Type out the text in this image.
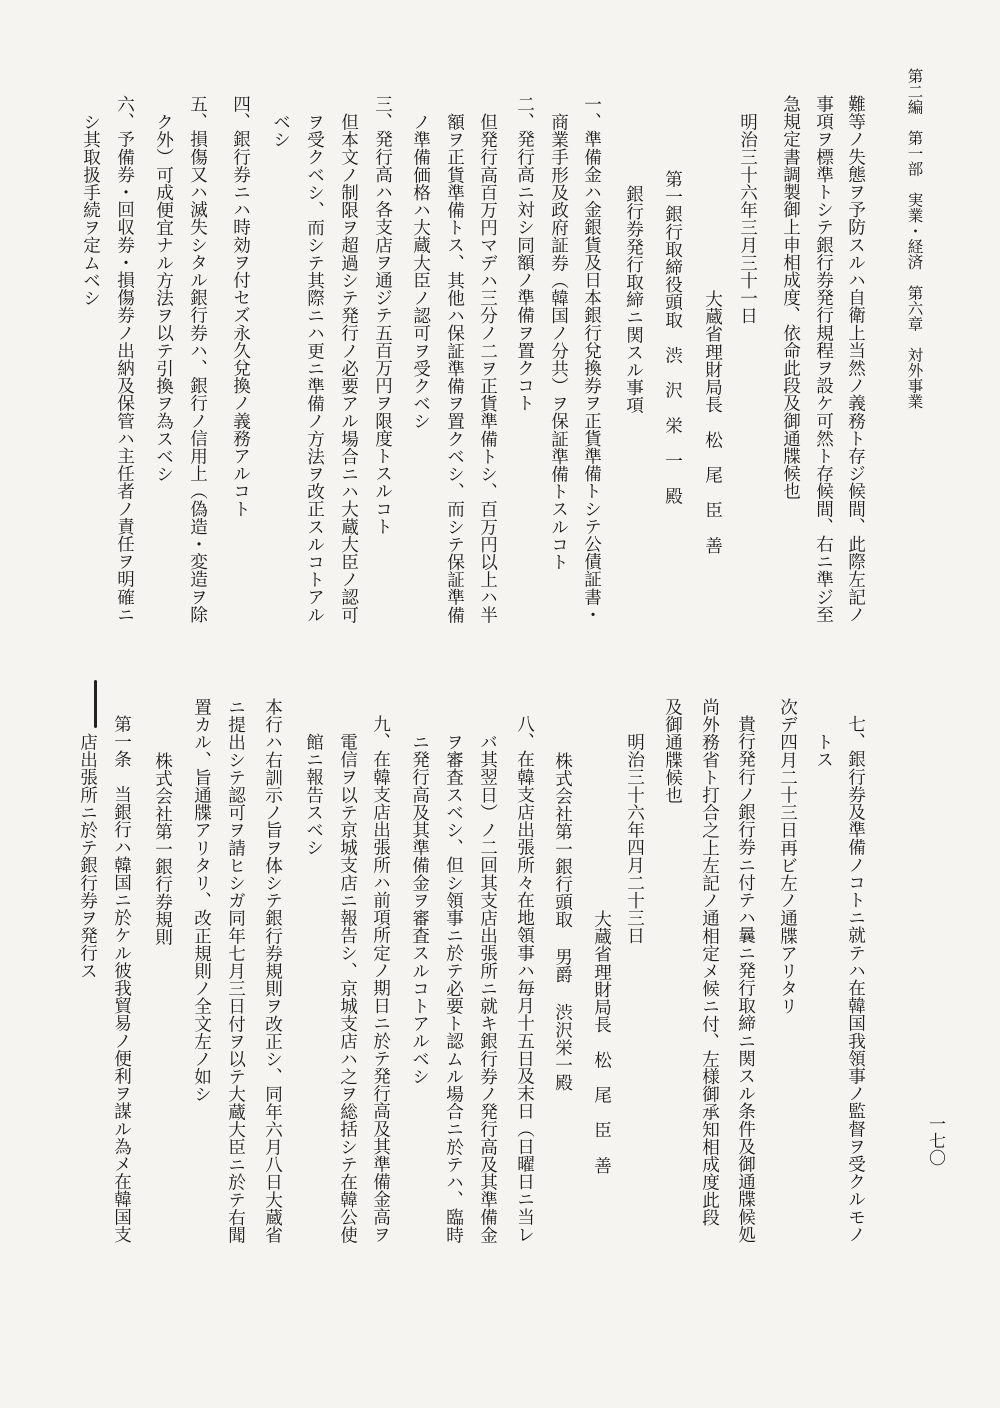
第二編　第一部　実業・経済　第六章　対外事業
一七〇
難等ノ失態ヲ予防スルハ自衛上当然ノ義務ト存ジ候間、此際左記ノ
事項ヲ標準トシテ銀行券発行規程ヲ設ケ可然ト存候間、右ニ準ジ至
急規定書調製御上申相成度、依命此段及御通牒候也
明治三十六年三月三十一日
大蔵省理財局長　松　尾　臣　善
第一銀行取締役頭取　渋　沢　栄　一　殿
銀行券発行取締ニ関スル事項
一、準備金ハ金銀貨及日本銀行兌換券ヲ正貨準備トシテ公債証書・
商業手形及政府証券（韓国ノ分共）ヲ保証準備トスルコト
二、発行高ニ対シ同額ノ準備ヲ置クコト
但発行高百万円マデハ三分ノ二ヲ正貨準備トシ、百万円以上ハ半
額ヲ正貨準備トス、其他ハ保証準備ヲ置クベシ、而シテ保証準備
ノ準備価格ハ大蔵大臣ノ認可ヲ受クベシ
三、発行高ハ各支店ヲ通ジテ五百万円ヲ限度トスルコト
但本文ノ制限ヲ超過シテ発行ノ必要アル場合ニハ大蔵大臣ノ認可
ヲ受クベシ、而シテ其際ニハ更ニ準備ノ方法ヲ改正スルコトアル
ベシ
四、銀行券ニハ時効ヲ付セズ永久兌換ノ義務アルコト
五、損傷又ハ滅失シタル銀行券ハ、銀行ノ信用上（偽造・変造ヲ除
ク外）可成便宜ナル方法ヲ以テ引換ヲ為スベシ
六、予備券・回収券・損傷券ノ出納及保管ハ主任者ノ責任ヲ明確ニ
シ其取扱手続ヲ定ムベシ
七、銀行券及準備ノコトニ就テハ在韓国我領事ノ監督ヲ受クルモノ
トス
次デ四月二十三日再ビ左ノ通牒アリタリ
貴行発行ノ銀行券ニ付テハ曩ニ発行取締ニ関スル条件及御通牒候処
尚外務省ト打合之上左記ノ通相定メ候ニ付、左様御承知相成度此段
及御通牒候也
明治三十六年四月二十三日
大蔵省理財局長　松　尾　臣　善
株式会社第一銀行頭取 男爵 渋沢栄一殿
八、在韓支店出張所々在地領事ハ毎月十五日及末日（日曜日ニ当レ
バ其翌日）ノ二回其支店出張所ニ就キ銀行券ノ発行高及其準備金
ヲ審査スベシ、但シ領事ニ於テ必要ト認ムル場合ニ於テハ、臨時
ニ発行高及其準備金ヲ審査スルコトアルベシ
九、在韓支店出張所ハ前項所定ノ期日ニ於テ発行高及其準備金高ヲ
電信ヲ以テ京城支店ニ報告シ、京城支店ハ之ヲ総括シテ在韓公使
館ニ報告スベシ
本行ハ右訓示ノ旨ヲ体シテ銀行券規則ヲ改正シ、同年六月八日大蔵省
ニ提出シテ認可ヲ請ヒシガ同年七月三日付ヲ以テ大蔵大臣ニ於テ右聞
置カル、旨通牒アリタリ、改正規則ノ全文左ノ如シ
株式会社第一銀行券規則
第一条　当銀行ハ韓国ニ於ケル彼我貿易ノ便利ヲ謀ル為メ在韓国支
店出張所ニ於テ銀行券ヲ発行ス
